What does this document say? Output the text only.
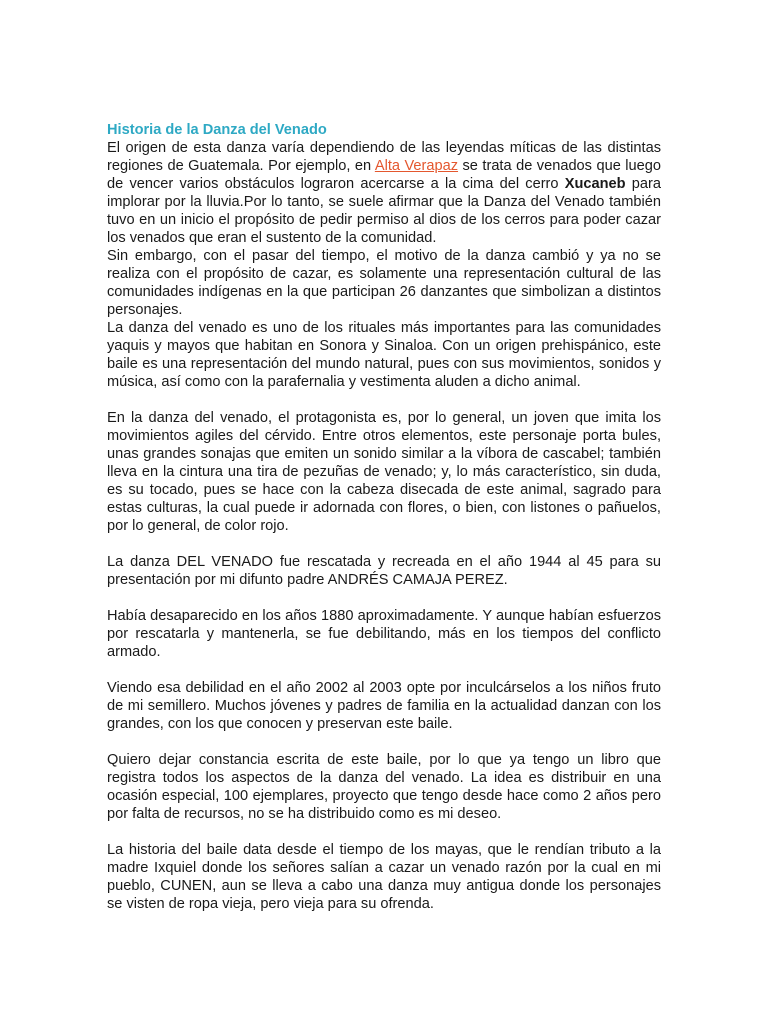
Historia de la Danza del Venado

El origen de esta danza varía dependiendo de las leyendas míticas de las distintas regiones de Guatemala. Por ejemplo, en Alta Verapaz se trata de venados que luego de vencer varios obstáculos lograron acercarse a la cima del cerro Xucaneb para implorar por la lluvia.Por lo tanto, se suele afirmar que la Danza del Venado también tuvo en un inicio el propósito de pedir permiso al dios de los cerros para poder cazar los venados que eran el sustento de la comunidad.

Sin embargo, con el pasar del tiempo, el motivo de la danza cambió y ya no se realiza con el propósito de cazar, es solamente una representación cultural de las comunidades indígenas en la que participan 26 danzantes que simbolizan a distintos personajes.

La danza del venado es uno de los rituales más importantes para las comunidades yaquis y mayos que habitan en Sonora y Sinaloa. Con un origen prehispánico, este baile es una representación del mundo natural, pues con sus movimientos, sonidos y música, así como con la parafernalia y vestimenta aluden a dicho animal.

En la danza del venado, el protagonista es, por lo general, un joven que imita los movimientos agiles del cérvido. Entre otros elementos, este personaje porta bules, unas grandes sonajas que emiten un sonido similar a la víbora de cascabel; también lleva en la cintura una tira de pezuñas de venado; y, lo más característico, sin duda, es su tocado, pues se hace con la cabeza disecada de este animal, sagrado para estas culturas, la cual puede ir adornada con flores, o bien, con listones o pañuelos, por lo general, de color rojo.

La danza DEL VENADO fue rescatada y recreada en el año 1944 al 45 para su presentación por mi difunto padre ANDRÉS CAMAJA PEREZ.

Había desaparecido en los años 1880 aproximadamente. Y aunque habían esfuerzos por rescatarla y mantenerla, se fue debilitando, más en los tiempos del conflicto armado.

Viendo esa debilidad en el año 2002 al 2003 opte por inculcárselos a los niños fruto de mi semillero. Muchos jóvenes y padres de familia en la actualidad danzan con los grandes, con los que conocen y preservan este baile.

Quiero dejar constancia escrita de este baile, por lo que ya tengo un libro que registra todos los aspectos de la danza del venado. La idea es distribuir en una ocasión especial, 100 ejemplares, proyecto que tengo desde hace como 2 años pero por falta de recursos, no se ha distribuido como es mi deseo.

La historia del baile data desde el tiempo de los mayas, que le rendían tributo a la madre Ixquiel donde los señores salían a cazar un venado razón por la cual en mi pueblo, CUNEN, aun se lleva a cabo una danza muy antigua donde los personajes se visten de ropa vieja, pero vieja para su ofrenda.
